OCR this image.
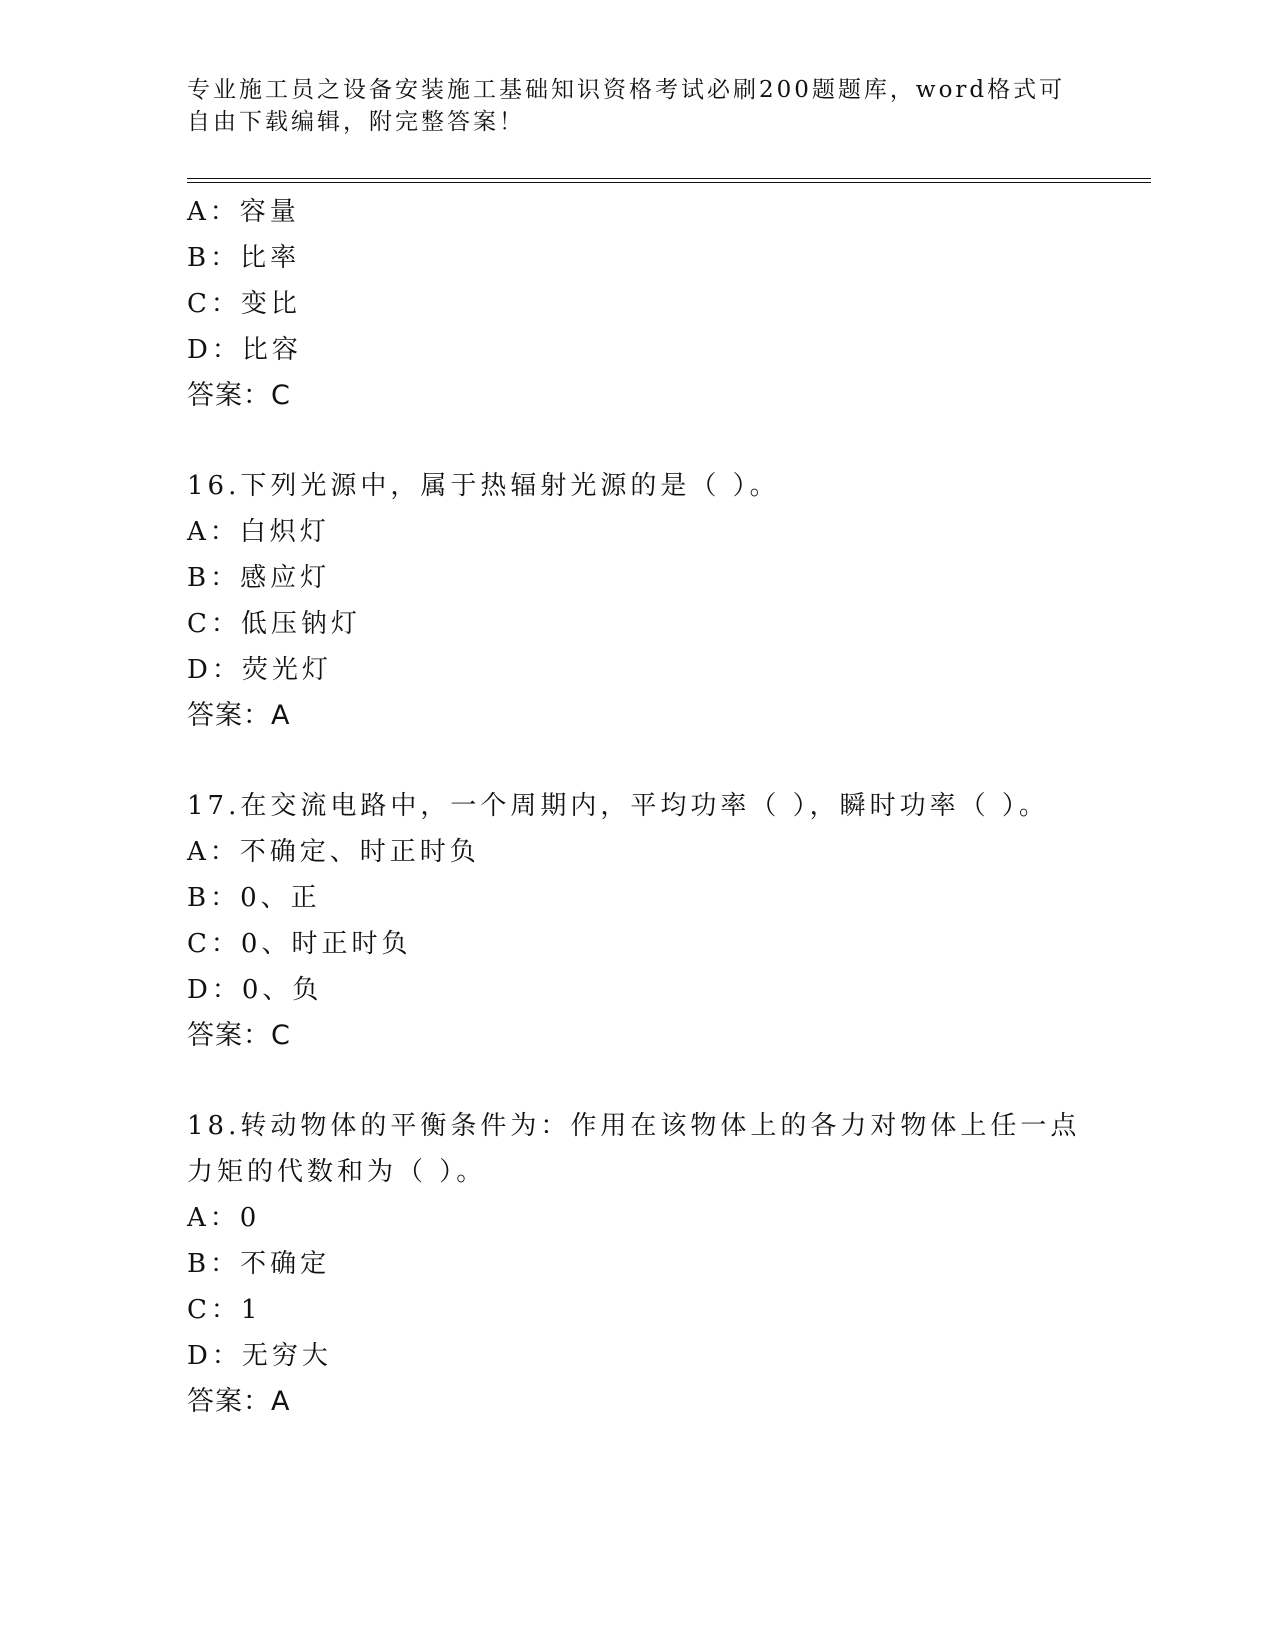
专业施工员之设备安装施工基础知识资格考试必刷200题题库，word格式可自由下载编辑，附完整答案！
A：容量
B：比率
C：变比
D：比容
答案：C
16.下列光源中，属于热辐射光源的是（ ）。
A：白炽灯
B：感应灯
C：低压钠灯
D：荧光灯
答案：A
17.在交流电路中，一个周期内，平均功率（ ），瞬时功率（ ）。
A：不确定、时正时负
B：0、正
C：0、时正时负
D：0、负
答案：C
18.转动物体的平衡条件为：作用在该物体上的各力对物体上任一点力矩的代数和为（ ）。
A：0
B：不确定
C：1
D：无穷大
答案：A
